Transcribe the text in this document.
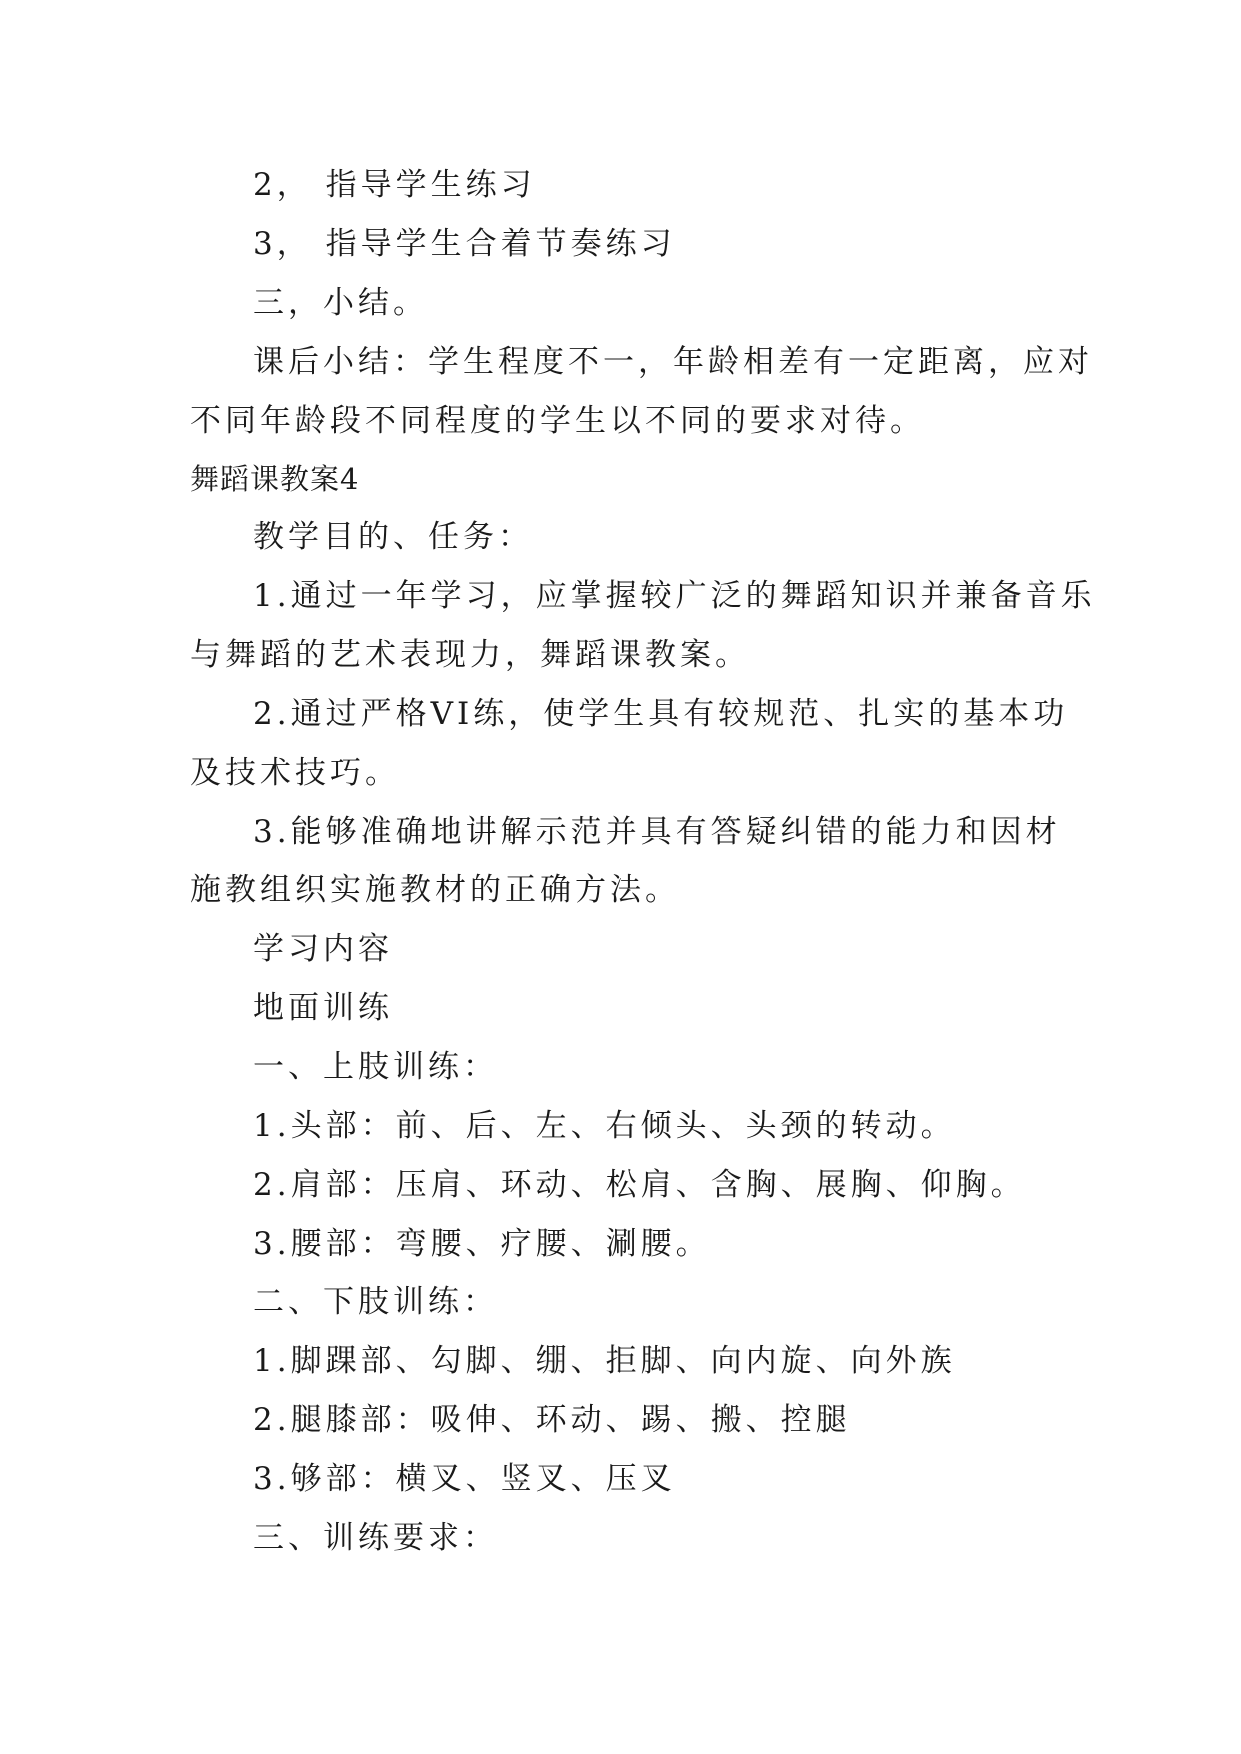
2， 指导学生练习
3， 指导学生合着节奏练习
三，小结。
课后小结：学生程度不一，年龄相差有一定距离，应对
不同年龄段不同程度的学生以不同的要求对待。
舞蹈课教案4
教学目的、任务：
1.通过一年学习，应掌握较广泛的舞蹈知识并兼备音乐
与舞蹈的艺术表现力，舞蹈课教案。
2.通过严格VI练，使学生具有较规范、扎实的基本功
及技术技巧。
3.能够准确地讲解示范并具有答疑纠错的能力和因材
施教组织实施教材的正确方法。
学习内容
地面训练
一、上肢训练：
1.头部：前、后、左、右倾头、头颈的转动。
2.肩部：压肩、环动、松肩、含胸、展胸、仰胸。
3.腰部：弯腰、疗腰、涮腰。
二、下肢训练：
1.脚踝部、勾脚、绷、拒脚、向内旋、向外族
2.腿膝部：吸伸、环动、踢、搬、控腿
3.够部：横叉、竖叉、压叉
三、训练要求：
